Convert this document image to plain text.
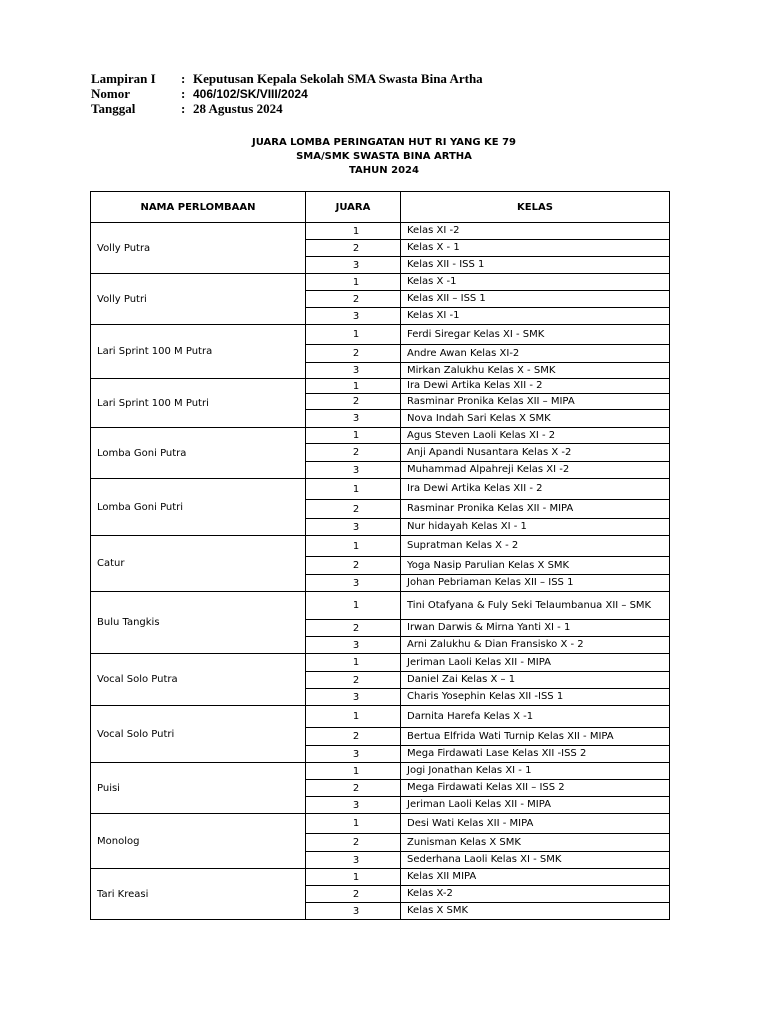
Lampiran I : Keputusan Kepala Sekolah SMA Swasta Bina Artha
Nomor	: 406/102/SK/VIII/2024
Tanggal	: 28 Agustus 2024
JUARA LOMBA PERINGATAN HUT RI YANG KE 79
SMA/SMK SWASTA BINA ARTHA
TAHUN 2024
NAMA PERLOMBAAN	JUARA	KELAS
Volly Putra	1	Kelas XI -2
	2	Kelas X - 1
	3	Kelas XII - ISS 1
Volly Putri	1	Kelas X -1
	2	Kelas XII – ISS 1
	3	Kelas XI -1
Lari Sprint 100 M Putra	1	Ferdi Siregar Kelas XI - SMK
	2	Andre Awan Kelas XI-2
	3	Mirkan Zalukhu Kelas X - SMK
Lari Sprint 100 M Putri	1	Ira Dewi Artika Kelas XII - 2
	2	Rasminar Pronika Kelas XII – MIPA
	3	Nova Indah Sari Kelas X SMK
Lomba Goni Putra	1	Agus Steven Laoli Kelas XI - 2
	2	Anji Apandi Nusantara Kelas X -2
	3	Muhammad Alpahreji Kelas XI -2
Lomba Goni Putri	1	Ira Dewi Artika Kelas XII - 2
	2	Rasminar Pronika Kelas XII - MIPA
	3	Nur hidayah Kelas XI - 1
Catur	1	Supratman Kelas X - 2
	2	Yoga Nasip Parulian Kelas X SMK
	3	Johan Pebriaman Kelas XII – ISS 1
Bulu Tangkis	1	Tini Otafyana & Fuly Seki Telaumbanua XII – SMK
	2	Irwan Darwis & Mirna Yanti XI - 1
	3	Arni Zalukhu & Dian Fransisko X - 2
Vocal Solo Putra	1	Jeriman Laoli Kelas XII - MIPA
	2	Daniel Zai Kelas X – 1
	3	Charis Yosephin Kelas XII -ISS 1
Vocal Solo Putri	1	Darnita Harefa Kelas X -1
	2	Bertua Elfrida Wati Turnip Kelas XII - MIPA
	3	Mega Firdawati Lase Kelas XII -ISS 2
Puisi	1	Jogi Jonathan Kelas XI - 1
	2	Mega Firdawati Kelas XII – ISS 2
	3	Jeriman Laoli Kelas XII - MIPA
Monolog	1	Desi Wati Kelas XII - MIPA
	2	Zunisman Kelas X SMK
	3	Sederhana Laoli Kelas XI - SMK
Tari Kreasi	1	Kelas XII MIPA
	2	Kelas X-2
	3	Kelas X SMK
